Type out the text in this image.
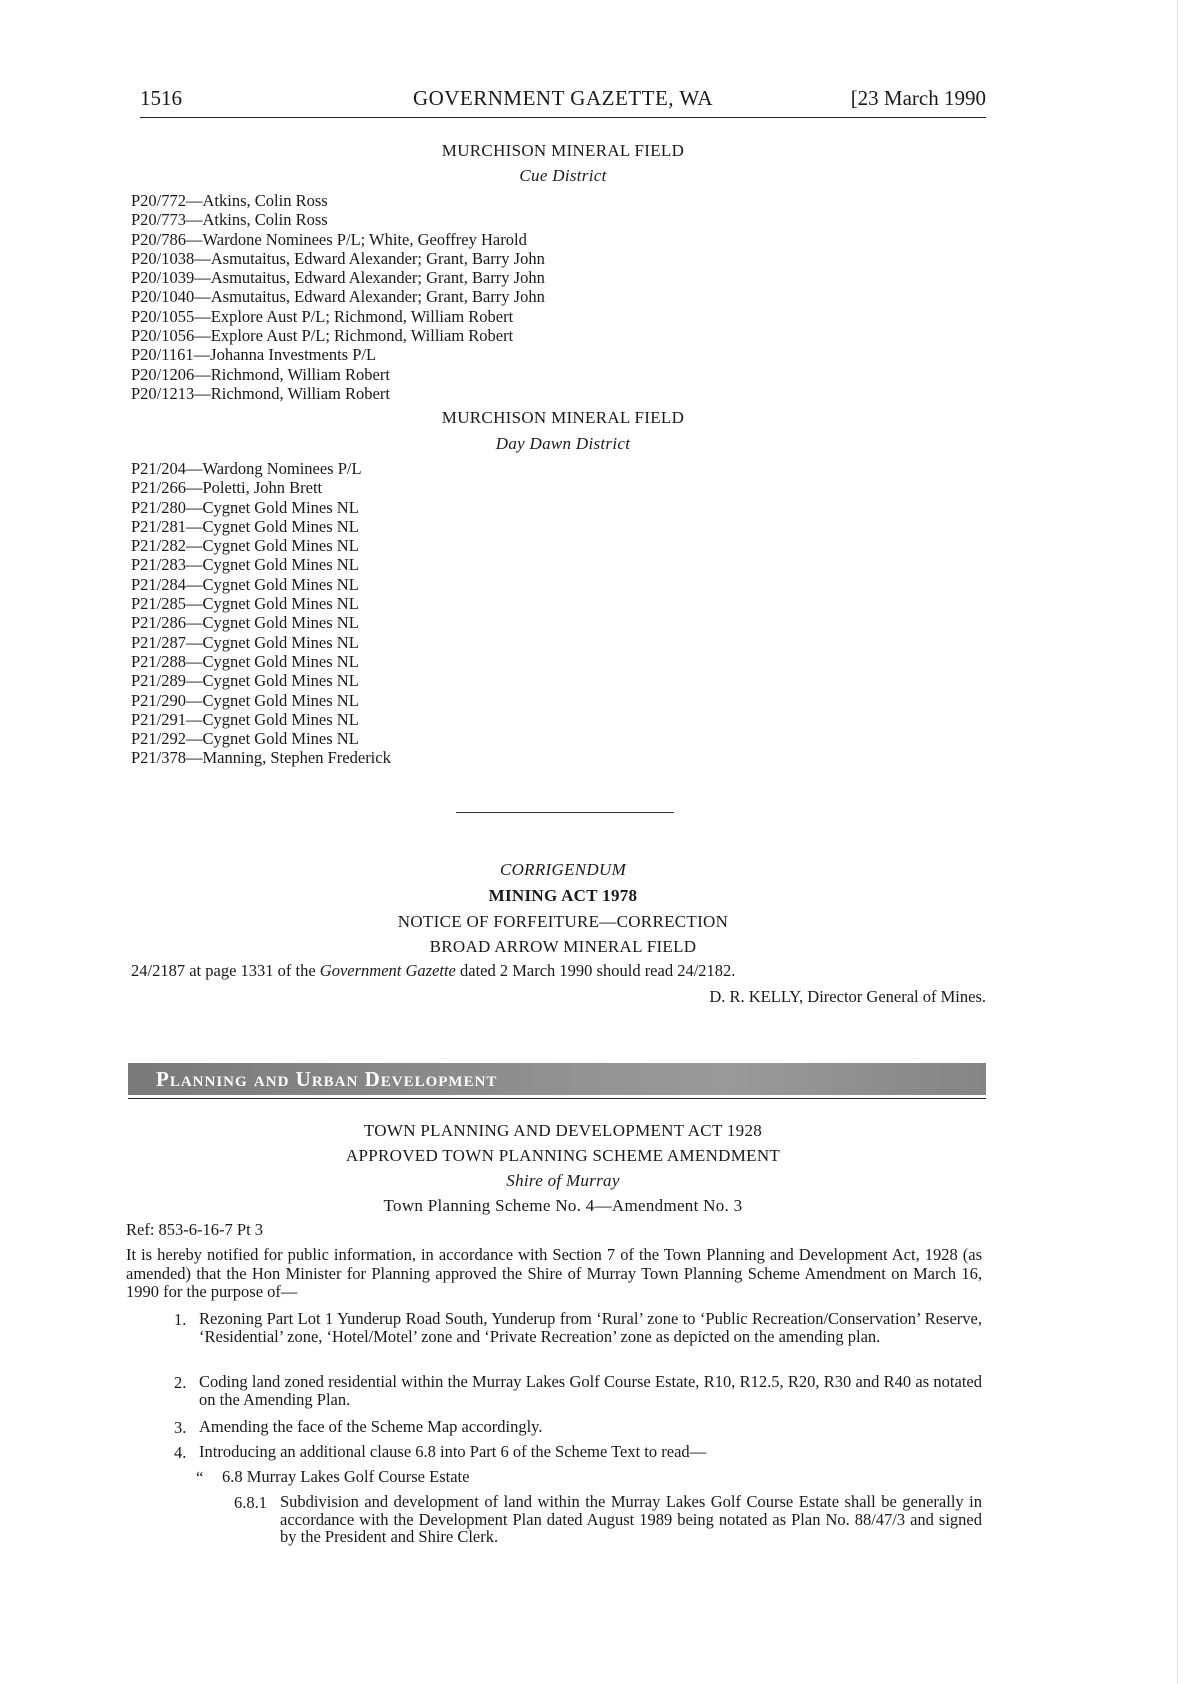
1516	GOVERNMENT GAZETTE, WA	[23 March 1990
MURCHISON MINERAL FIELD
Cue District
P20/772—Atkins, Colin Ross
P20/773—Atkins, Colin Ross
P20/786—Wardone Nominees P/L; White, Geoffrey Harold
P20/1038—Asmutaitus, Edward Alexander; Grant, Barry John
P20/1039—Asmutaitus, Edward Alexander; Grant, Barry John
P20/1040—Asmutaitus, Edward Alexander; Grant, Barry John
P20/1055—Explore Aust P/L; Richmond, William Robert
P20/1056—Explore Aust P/L; Richmond, William Robert
P20/1161—Johanna Investments P/L
P20/1206—Richmond, William Robert
P20/1213—Richmond, William Robert
MURCHISON MINERAL FIELD
Day Dawn District
P21/204—Wardong Nominees P/L
P21/266—Poletti, John Brett
P21/280—Cygnet Gold Mines NL
P21/281—Cygnet Gold Mines NL
P21/282—Cygnet Gold Mines NL
P21/283—Cygnet Gold Mines NL
P21/284—Cygnet Gold Mines NL
P21/285—Cygnet Gold Mines NL
P21/286—Cygnet Gold Mines NL
P21/287—Cygnet Gold Mines NL
P21/288—Cygnet Gold Mines NL
P21/289—Cygnet Gold Mines NL
P21/290—Cygnet Gold Mines NL
P21/291—Cygnet Gold Mines NL
P21/292—Cygnet Gold Mines NL
P21/378—Manning, Stephen Frederick
CORRIGENDUM
MINING ACT 1978
NOTICE OF FORFEITURE—CORRECTION
BROAD ARROW MINERAL FIELD
24/2187 at page 1331 of the Government Gazette dated 2 March 1990 should read 24/2182.
D. R. KELLY, Director General of Mines.
Planning and Urban Development
TOWN PLANNING AND DEVELOPMENT ACT 1928
APPROVED TOWN PLANNING SCHEME AMENDMENT
Shire of Murray
Town Planning Scheme No. 4—Amendment No. 3
Ref: 853-6-16-7 Pt 3
It is hereby notified for public information, in accordance with Section 7 of the Town Planning and Development Act, 1928 (as amended) that the Hon Minister for Planning approved the Shire of Murray Town Planning Scheme Amendment on March 16, 1990 for the purpose of—
1. Rezoning Part Lot 1 Yunderup Road South, Yunderup from ‘Rural’ zone to ‘Public Recreation/Conservation’ Reserve, ‘Residential’ zone, ‘Hotel/Motel’ zone and ‘Private Recreation’ zone as depicted on the amending plan.
2. Coding land zoned residential within the Murray Lakes Golf Course Estate, R10, R12.5, R20, R30 and R40 as notated on the Amending Plan.
3. Amending the face of the Scheme Map accordingly.
4. Introducing an additional clause 6.8 into Part 6 of the Scheme Text to read—
“ 6.8 Murray Lakes Golf Course Estate
6.8.1 Subdivision and development of land within the Murray Lakes Golf Course Estate shall be generally in accordance with the Development Plan dated August 1989 being notated as Plan No. 88/47/3 and signed by the President and Shire Clerk.
